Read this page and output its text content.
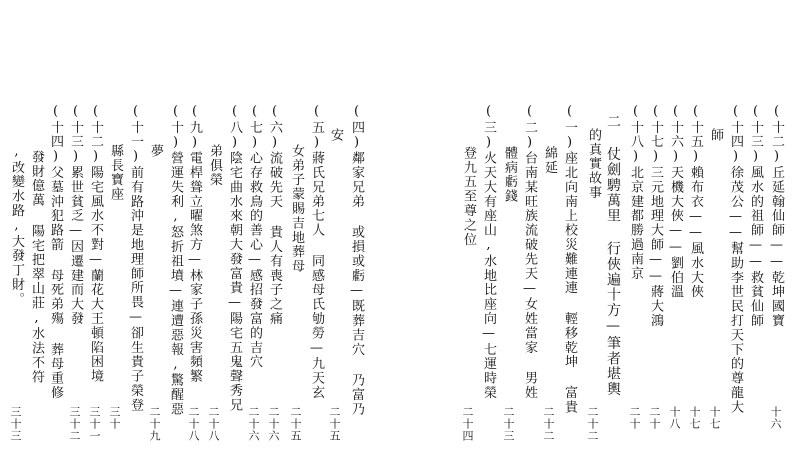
(十二)丘延翰仙師——乾坤國寶
十六
(十三)風水的祖師——救貧仙師
(十四)徐茂公——幫助李世民打天下的尊龍大
師
十七
(十五)賴布衣——風水大俠
十七
(十六)天機大俠——劉伯溫
十八
(十七)三元地理大師——蔣大鴻
二十
(十八)北京建都勝過南京
二十
二 仗劍騁萬里 行俠遍十方—筆者堪輿
的真實故事
二十二
(一)座北向南上校災難連連 輕移乾坤 富貴
綿延
二十二
(二)台南某旺族流破先天—女姓當家 男姓
體病虧錢
二十三
(三)火天大有座山,水地比座向—七運時榮
登九五至尊之位
二十四
(四)鄰家兄弟 或損或虧—既葬吉穴 乃富乃
安
二十五
(五)蔣氏兄弟七人 同感母氏劬勞—九天玄
女弟子蒙賜吉地葬母
二十五
(六)流破先天 貴人有喪子之痛
二十六
(七)心存救鳥的善心—感招發富的吉穴
二十六
(八)陰宅曲水來朝大發富貴—陽宅五鬼聲秀兄
弟俱榮
二十八
(九)電桿聳立曜煞方—林家子孫災害頻繁
二十八
(十)營運失利,怒折祖墳—連遭惡報,驚醒惡
夢
二十九
(十一)前有路沖是地理師所畏—卻生貴子榮登
縣長寶座
三十
(十二)陽宅風水不對—蘭花大王頓陷困境
三十一
(十三)累世貧乏—因遷建而大發
三十二
(十四)父墓沖犯路箭 母死弟殤 葬母重修
發財億萬 陽宅把翠山莊,水法不符
,改變水路,大發丁財。
三十三
